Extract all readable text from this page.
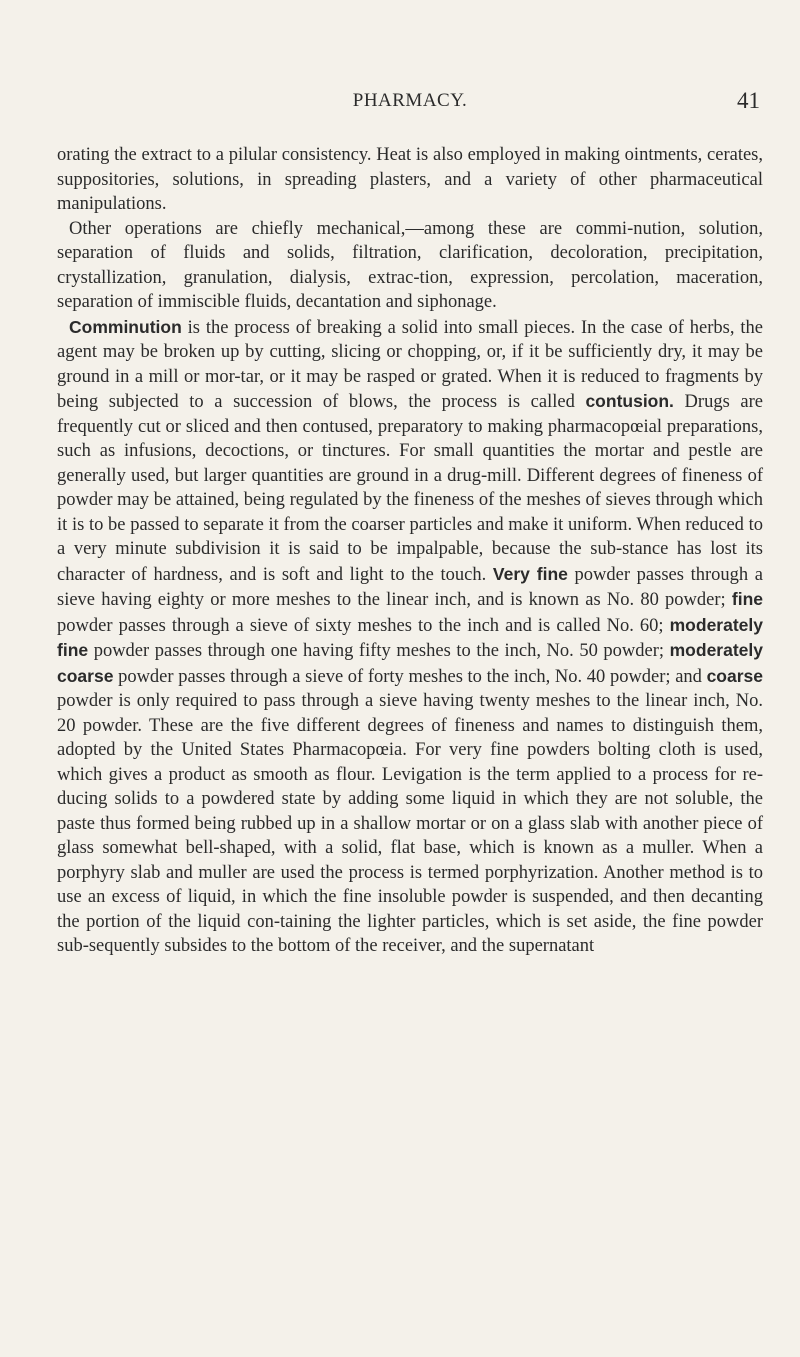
PHARMACY.	41

orating the extract to a pilular consistency. Heat is also employed in making ointments, cerates, suppositories, solutions, in spreading plasters, and a variety of other pharmaceutical manipulations.

Other operations are chiefly mechanical,—among these are commi-nution, solution, separation of fluids and solids, filtration, clarification, decoloration, precipitation, crystallization, granulation, dialysis, extrac-tion, expression, percolation, maceration, separation of immiscible fluids, decantation and siphonage.

Comminution is the process of breaking a solid into small pieces. In the case of herbs, the agent may be broken up by cutting, slicing or chopping, or, if it be sufficiently dry, it may be ground in a mill or mor-tar, or it may be rasped or grated. When it is reduced to fragments by being subjected to a succession of blows, the process is called contusion. Drugs are frequently cut or sliced and then contused, preparatory to making pharmacopœial preparations, such as infusions, decoctions, or tinctures. For small quantities the mortar and pestle are generally used, but larger quantities are ground in a drug-mill. Different degrees of fineness of powder may be attained, being regulated by the fineness of the meshes of sieves through which it is to be passed to separate it from the coarser particles and make it uniform. When reduced to a very minute subdivision it is said to be impalpable, because the sub-stance has lost its character of hardness, and is soft and light to the touch. Very fine powder passes through a sieve having eighty or more meshes to the linear inch, and is known as No. 80 powder; fine powder passes through a sieve of sixty meshes to the inch and is called No. 60; moderately fine powder passes through one having fifty meshes to the inch, No. 50 powder; moderately coarse powder passes through a sieve of forty meshes to the inch, No. 40 powder; and coarse powder is only required to pass through a sieve having twenty meshes to the linear inch, No. 20 powder. These are the five different degrees of fineness and names to distinguish them, adopted by the United States Pharmacopœia. For very fine powders bolting cloth is used, which gives a product as smooth as flour. Levigation is the term applied to a process for re-ducing solids to a powdered state by adding some liquid in which they are not soluble, the paste thus formed being rubbed up in a shallow mortar or on a glass slab with another piece of glass somewhat bell-shaped, with a solid, flat base, which is known as a muller. When a porphyry slab and muller are used the process is termed porphyrization. Another method is to use an excess of liquid, in which the fine insoluble powder is suspended, and then decanting the portion of the liquid con-taining the lighter particles, which is set aside, the fine powder sub-sequently subsides to the bottom of the receiver, and the supernatant
